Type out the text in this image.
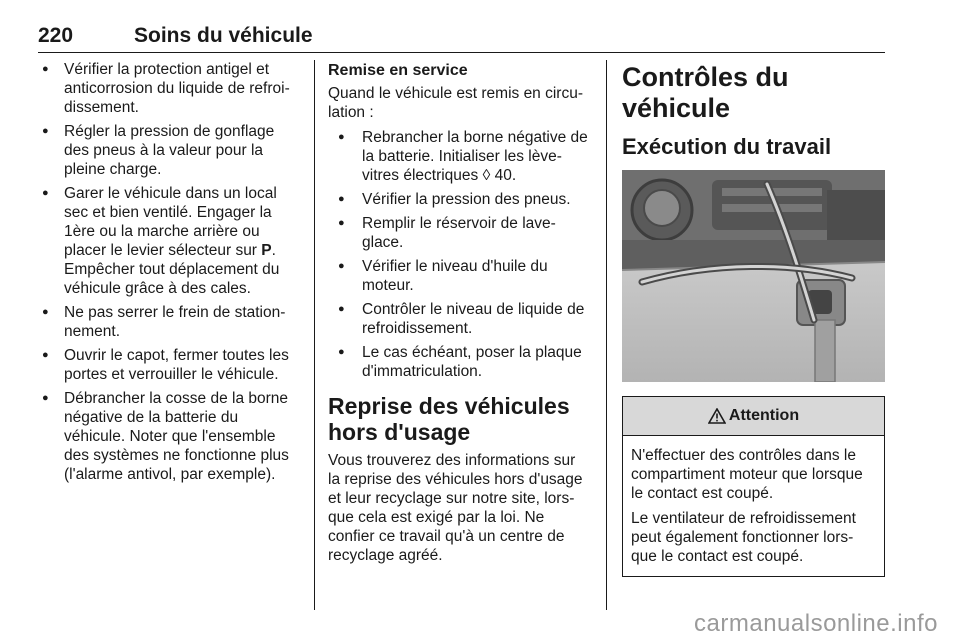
220	Soins du véhicule
● Vérifier la protection antigel et anticorrosion du liquide de refroi- dissement.
● Régler la pression de gonflage des pneus à la valeur pour la pleine charge.
● Garer le véhicule dans un local sec et bien ventilé. Engager la 1ère ou la marche arrière ou placer le levier sélecteur sur P. Empêcher tout déplacement du véhicule grâce à des cales.
● Ne pas serrer le frein de station- nement.
● Ouvrir le capot, fermer toutes les portes et verrouiller le véhicule.
● Débrancher la cosse de la borne négative de la batterie du véhicule. Noter que l'ensemble des systèmes ne fonctionne plus (l'alarme antivol, par exemple).
Remise en service

Quand le véhicule est remis en circu- lation :

● Rebrancher la borne négative de la batterie. Initialiser les lève- vitres électriques ◊ 40.
● Vérifier la pression des pneus.
● Remplir le réservoir de lave- glace.
● Vérifier le niveau d'huile du moteur.
● Contrôler le niveau de liquide de refroidissement.
● Le cas échéant, poser la plaque d'immatriculation.
Reprise des véhicules hors d'usage

Vous trouverez des informations sur la reprise des véhicules hors d'usage et leur recyclage sur notre site, lors- que cela est exigé par la loi. Ne confier ce travail qu'à un centre de recyclage agréé.

Contrôles du véhicule
Exécution du travail
Attention

N'effectuer des contrôles dans le compartiment moteur que lorsque le contact est coupé.

Le ventilateur de refroidissement peut également fonctionner lors- que le contact est coupé.

carmanualsonline.info
